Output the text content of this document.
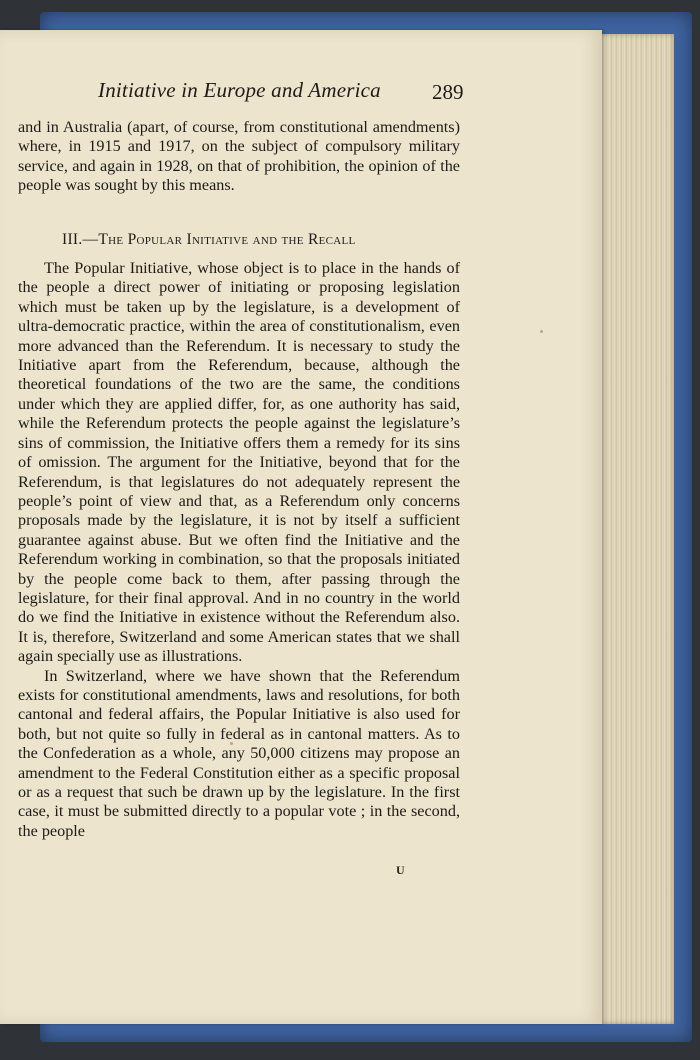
Initiative in Europe and America 289

and in Australia (apart, of course, from constitutional amendments) where, in 1915 and 1917, on the subject of compulsory military service, and again in 1928, on that of prohibition, the opinion of the people was sought by this means.

III.—The Popular Initiative and the Recall

The Popular Initiative, whose object is to place in the hands of the people a direct power of initiating or proposing legislation which must be taken up by the legislature, is a development of ultra-democratic practice, within the area of constitutionalism, even more advanced than the Referendum. It is necessary to study the Initiative apart from the Referendum, because, although the theoretical foundations of the two are the same, the conditions under which they are applied differ, for, as one authority has said, while the Referendum protects the people against the legislature’s sins of commission, the Initiative offers them a remedy for its sins of omission. The argument for the Initiative, beyond that for the Referendum, is that legislatures do not adequately represent the people’s point of view and that, as a Referendum only concerns proposals made by the legislature, it is not by itself a sufficient guarantee against abuse. But we often find the Initiative and the Referendum working in combination, so that the proposals initiated by the people come back to them, after passing through the legislature, for their final approval. And in no country in the world do we find the Initiative in existence without the Referendum also. It is, therefore, Switzerland and some American states that we shall again specially use as illustrations.

In Switzerland, where we have shown that the Referendum exists for constitutional amendments, laws and resolutions, for both cantonal and federal affairs, the Popular Initiative is also used for both, but not quite so fully in federal as in cantonal matters. As to the Confederation as a whole, any 50,000 citizens may propose an amendment to the Federal Constitution either as a specific proposal or as a request that such be drawn up by the legislature. In the first case, it must be submitted directly to a popular vote ; in the second, the people

U
